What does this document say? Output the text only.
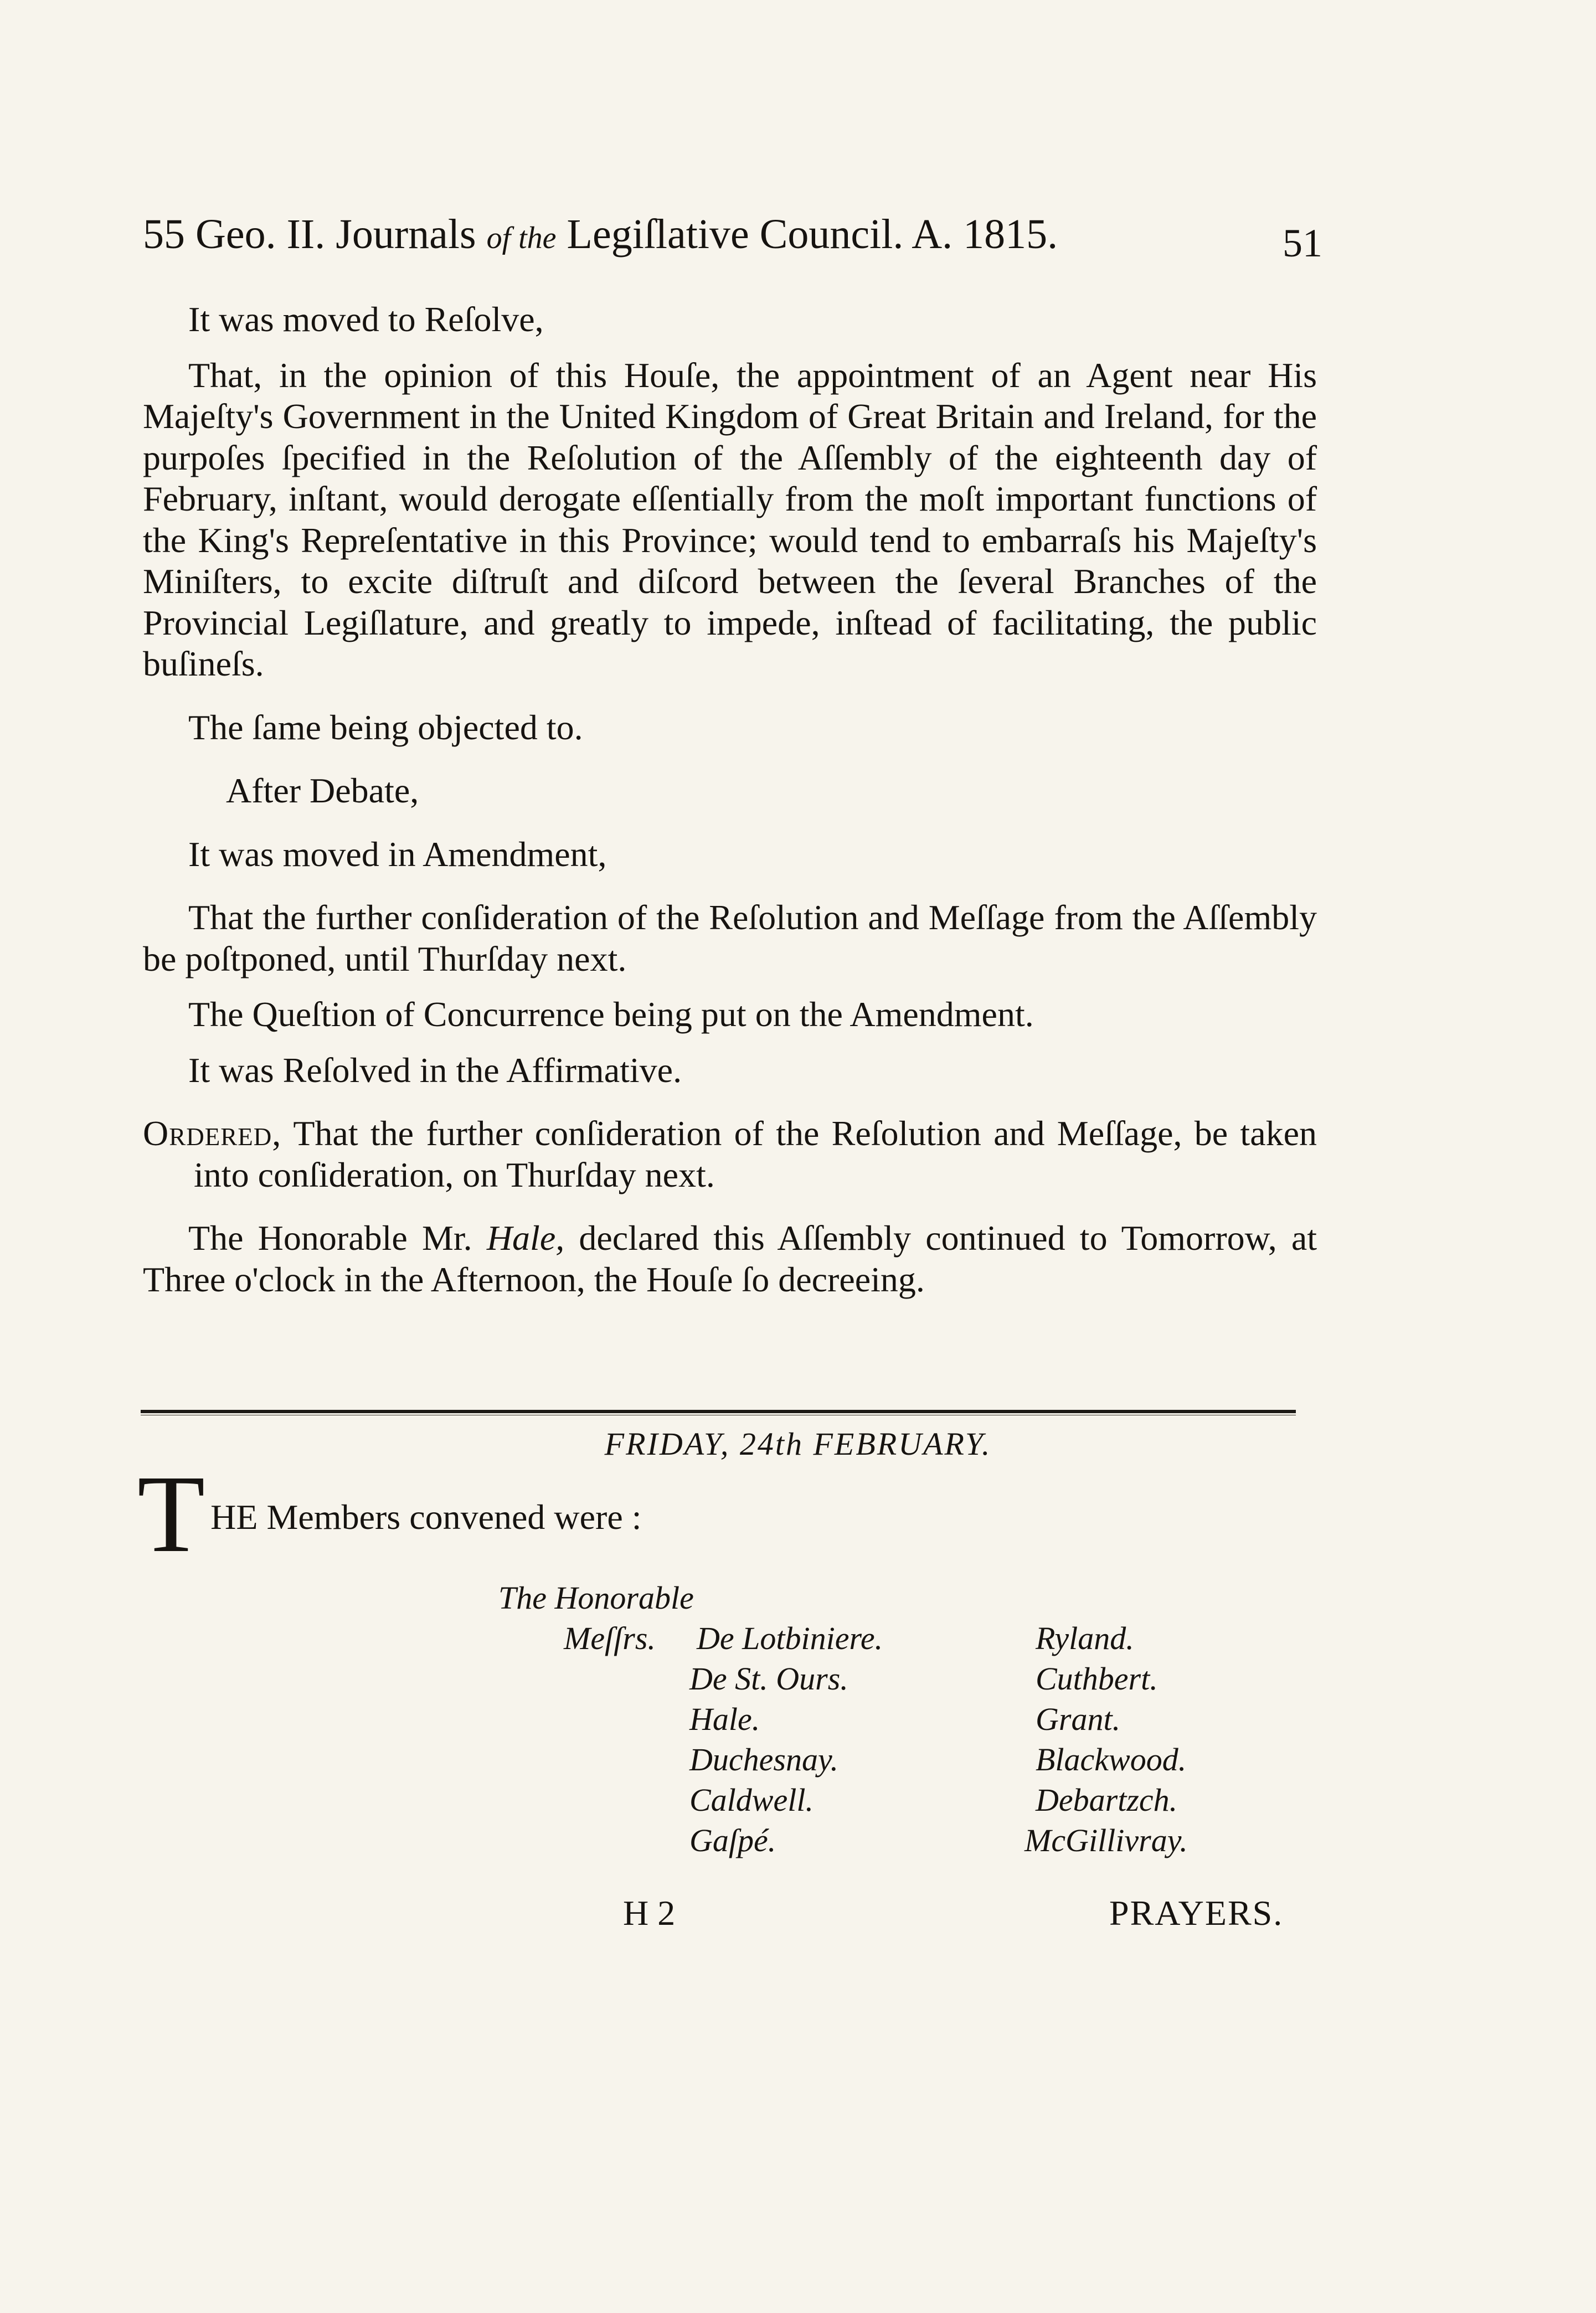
55 Geo. II. Journals of the Legiſlative Council. A. 1815.	51

It was moved to Reſolve,

That, in the opinion of this Houſe, the appointment of an Agent near His Majeſty's Government in the United Kingdom of Great Britain and Ireland, for the purpoſes ſpecified in the Reſolution of the Aſſembly of the eighteenth day of February, inſtant, would derogate eſſentially from the moſt important functions of the King's Repreſentative in this Province; would tend to embarraſs his Majeſty's Miniſters, to excite diſtruſt and diſcord between the ſeveral Branches of the Provincial Legiſlature, and greatly to impede, inſtead of facilitating, the public buſineſs.

The ſame being objected to.

After Debate,

It was moved in Amendment,

That the further conſideration of the Reſolution and Meſſage from the Aſſembly be poſtponed, until Thurſday next.

The Queſtion of Concurrence being put on the Amendment.

It was Reſolved in the Affirmative.

Ordered, That the further conſideration of the Reſolution and Meſſage, be taken into conſideration, on Thurſday next.

The Honorable Mr. Hale, declared this Aſſembly continued to Tomorrow, at Three o'clock in the Afternoon, the Houſe ſo decreeing.

FRIDAY, 24th FEBRUARY.
THE Members convened were :
The Honorable
Meſſrs. De Lotbiniere.
De St. Ours.
Hale.
Duchesnay.
Caldwell.
Gaſpé.
Ryland.
Cuthbert.
Grant.
Blackwood.
Debartzch.
McGillivray.
H 2	PRAYERS.
